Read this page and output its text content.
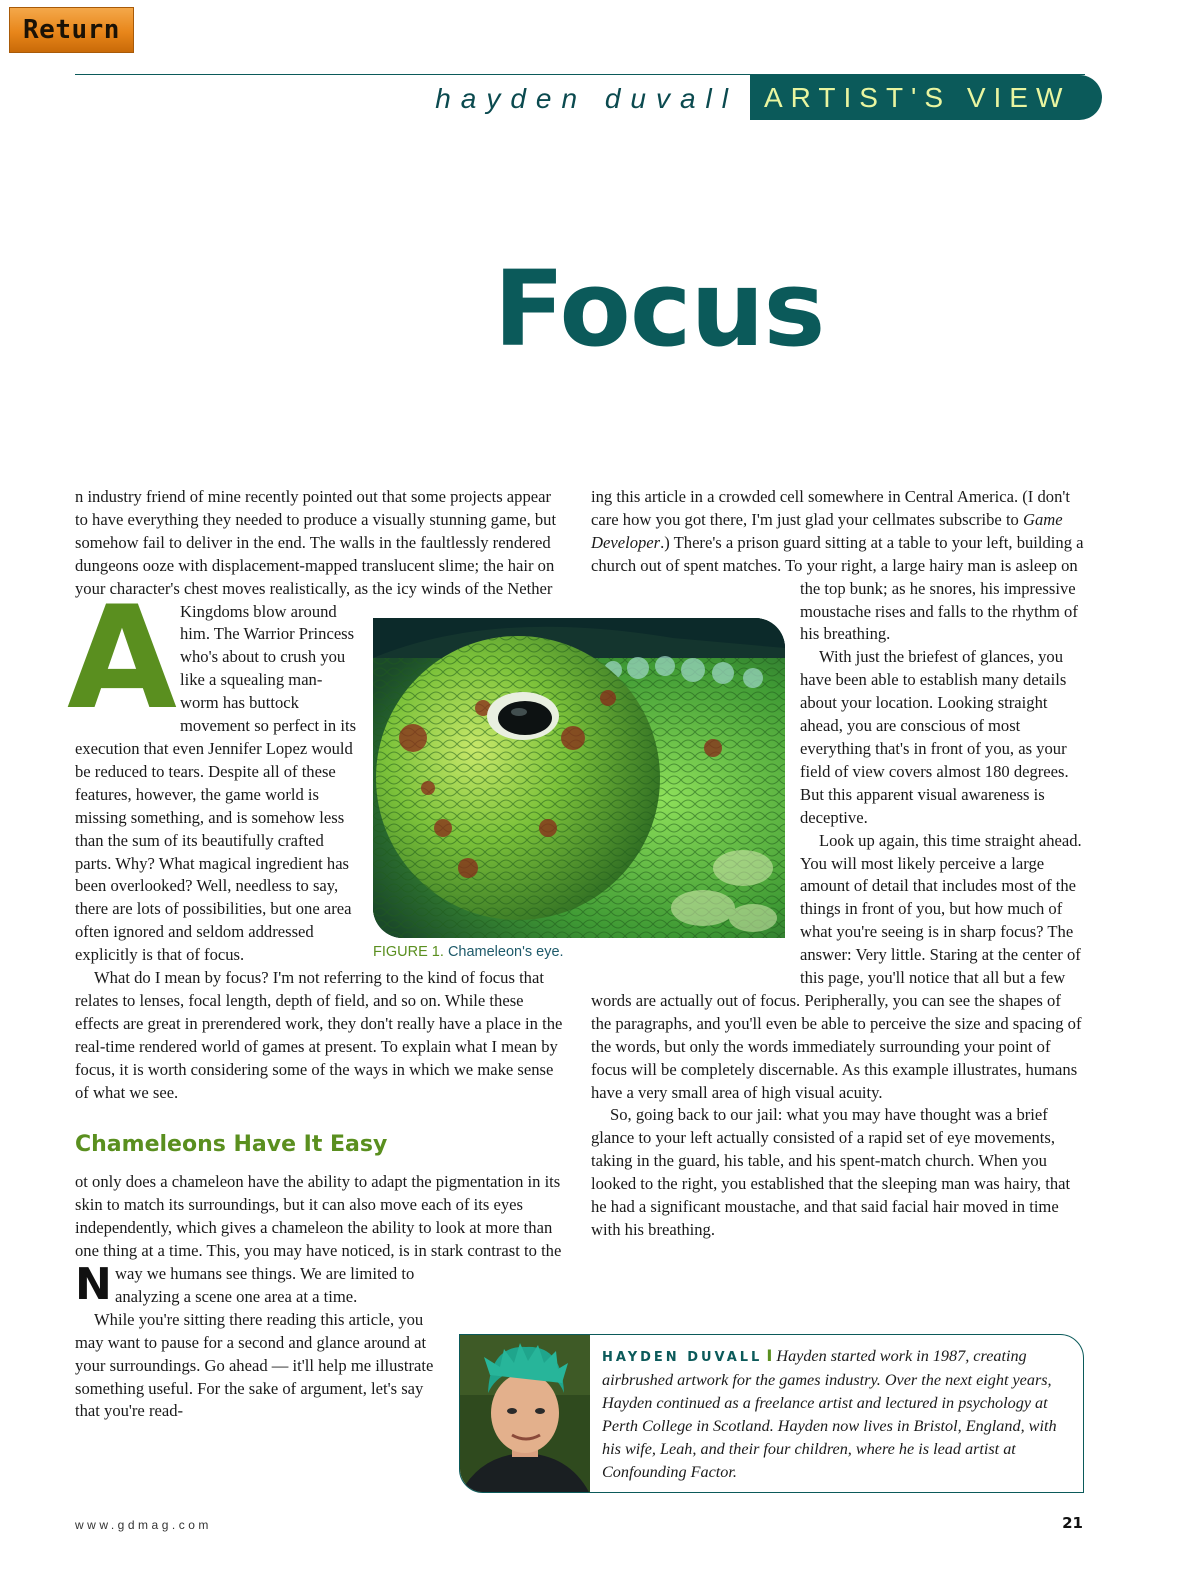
Return
hayden duvall ARTIST'S VIEW
Focus
A

n industry friend of mine recently pointed out that some projects appear to have everything they needed to produce a visually stunning game, but somehow fail to deliver in the end. The walls in the faultlessly rendered dungeons ooze with displacement-mapped translucent slime; the hair on your character's chest moves realistically, as the icy winds of the Nether Kingdoms blow around him. The Warrior Princess who's about to crush you like a squealing man-worm has buttock movement so perfect in its execution that even Jennifer Lopez would be reduced to tears. Despite all of these features, however, the game world is missing something, and is somehow less than the sum of its beautifully crafted parts. Why? What magical ingredient has been overlooked? Well, needless to say, there are lots of possibilities, but one area often ignored and seldom addressed explicitly is that of focus.

What do I mean by focus? I'm not referring to the kind of focus that relates to lenses, focal length, depth of field, and so on. While these effects are great in prerendered work, they don't really have a place in the real-time rendered world of games at present. To explain what I mean by focus, it is worth considering some of the ways in which we make sense of what we see.

Chameleons Have It Easy
N

ot only does a chameleon have the ability to adapt the pigmentation in its skin to match its surroundings, but it can also move each of its eyes independently, which gives a chameleon the ability to look at more than one thing at a time. This, you may have noticed, is in stark contrast to the way we humans see things. We are limited to analyzing a scene one area at a time.

While you're sitting there reading this article, you may want to pause for a second and glance around at your surroundings. Go ahead — it'll help me illustrate something useful. For the sake of argument, let's say that you're read-

ing this article in a crowded cell somewhere in Central America. (I don't care how you got there, I'm just glad your cellmates subscribe to Game Developer.) There's a prison guard sitting at a table to your left, building a church out of spent matches. To your right, a large hairy man is asleep on the top bunk; as he snores, his impressive moustache rises and falls to the rhythm of his breathing.

With just the briefest of glances, you have been able to establish many details about your location. Looking straight ahead, you are conscious of most everything that's in front of you, as your field of view covers almost 180 degrees. But this apparent visual awareness is deceptive.

Look up again, this time straight ahead. You will most likely perceive a large amount of detail that includes most of the things in front of you, but how much of what you're seeing is in sharp focus? The answer: Very little. Staring at the center of this page, you'll notice that all but a few words are actually out of focus. Peripherally, you can see the shapes of the paragraphs, and you'll even be able to perceive the size and spacing of the words, but only the words immediately surrounding your point of focus will be completely discernable. As this example illustrates, humans have a very small area of high visual acuity.

So, going back to our jail: what you may have thought was a brief glance to your left actually consisted of a rapid set of eye movements, taking in the guard, his table, and his spent-match church. When you looked to the right, you established that the sleeping man was hairy, that he had a significant moustache, and that said facial hair moved in time with his breathing.

FIGURE 1. Chameleon's eye.
HAYDEN DUVALL I Hayden started work in 1987, creating airbrushed artwork for the games industry. Over the next eight years, Hayden continued as a freelance artist and lectured in psychology at Perth College in Scotland. Hayden now lives in Bristol, England, with his wife, Leah, and their four children, where he is lead artist at Confounding Factor.
www.gdmag.com	21
